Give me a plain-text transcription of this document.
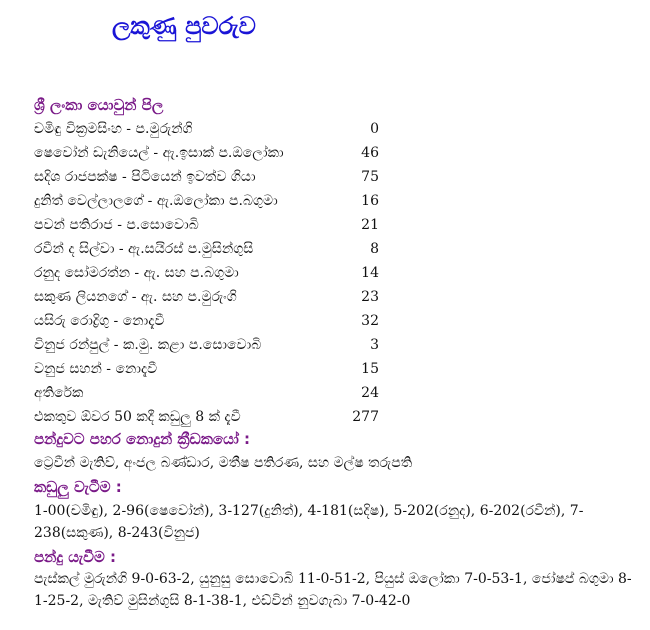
ලකුණු පුවරුව
ශ්‍රී ලංකා යොවුන් පිල
චමිඳු වික්‍රමසිංහ - ප.මුරුන්ගි	0
ෂෙවෝන් ඩැනියෙල් - ඇ.ඉසාක් ප.ඔලෝකා	46
සදිශ රාජපක්ෂ - පිටියෙන් ඉවත්ව ගියා	75
දුනිත් වෙල්ලාලගේ - ඇ.ඔලෝකා ප.බගුමා	16
පවන් පතිරාජ - ප.සොවොබි	21
රවීන් ද සිල්වා - ඇ.සයිරස් ප.මුසින්ගුසි	8
රනුද සෝමරත්න - ඇ. සහ ප.බගුමා	14
සකුණ ලියනගේ - ඇ. සහ ප.මුරුංගි	23
යසිරු රොද්‍රිගු - නොදැවී	32
විනුජ රන්පුල් - ක.මු. කළා ප.සොවොබි	3
වනුජ සහන් - නොදැවී	15
අතිරේක	24
එකතුව ඕවර 50 කදී කඩුලු 8 ක් දැවී	277
පන්දුවට පහර නොදුන් ක්‍රීඩකයෝ :
ට්‍රෙවීන් මැතිව්, අංජල බණ්ඩාර, මතීෂ පතිරණ, සහ මල්ෂ තරුපති
කඩුලු වැටීම :
1-00(චමිඳු), 2-96(ෂෙවෝන්), 3-127(දුනිත්), 4-181(සදිෂ), 5-202(රනුද), 6-202(රවීන්), 7-238(සකුණ), 8-243(විනුජ)
පන්දු යැවීම :
පැස්කල් මුරුන්ගි 9-0-63-2, යුනුසු සොවොබි 11-0-51-2, පියුස් ඔලෝකා 7-0-53-1, ජෝෂප් බගුමා 8-1-25-2, මැතිව් මුසින්ගුසි 8-1-38-1, එඩ්වින් නුවගැබා 7-0-42-0
